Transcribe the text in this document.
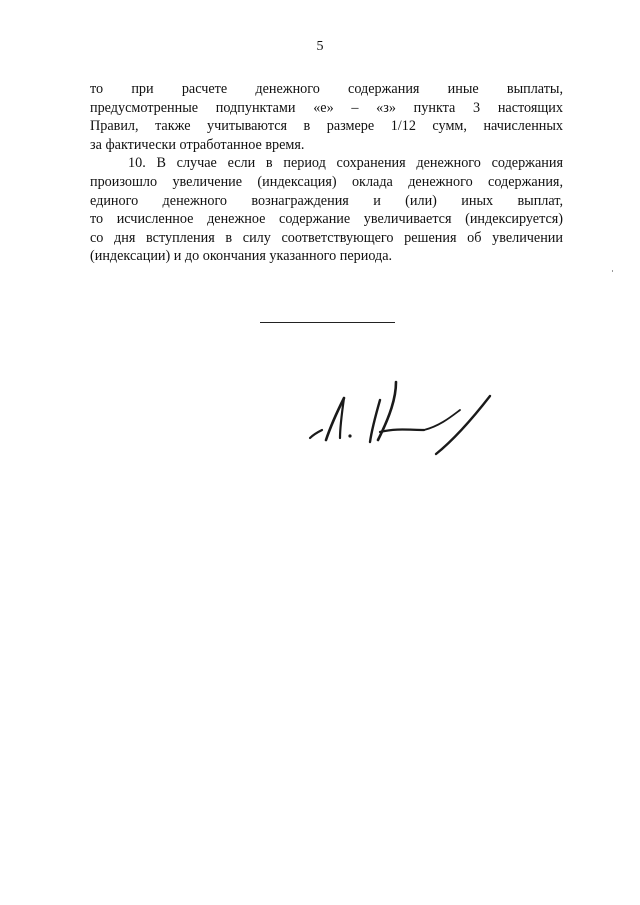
5

то при расчете денежного содержания иные выплаты,
предусмотренные подпунктами «е» – «з» пункта 3 настоящих
Правил, также учитываются в размере 1/12 сумм, начисленных
за фактически отработанное время.

10. В случае если в период сохранения денежного содержания
произошло увеличение (индексация) оклада денежного содержания,
единого денежного вознаграждения и (или) иных выплат,
то исчисленное денежное содержание увеличивается (индексируется)
со дня вступления в силу соответствующего решения об увеличении
(индексации) и до окончания указанного периода.
